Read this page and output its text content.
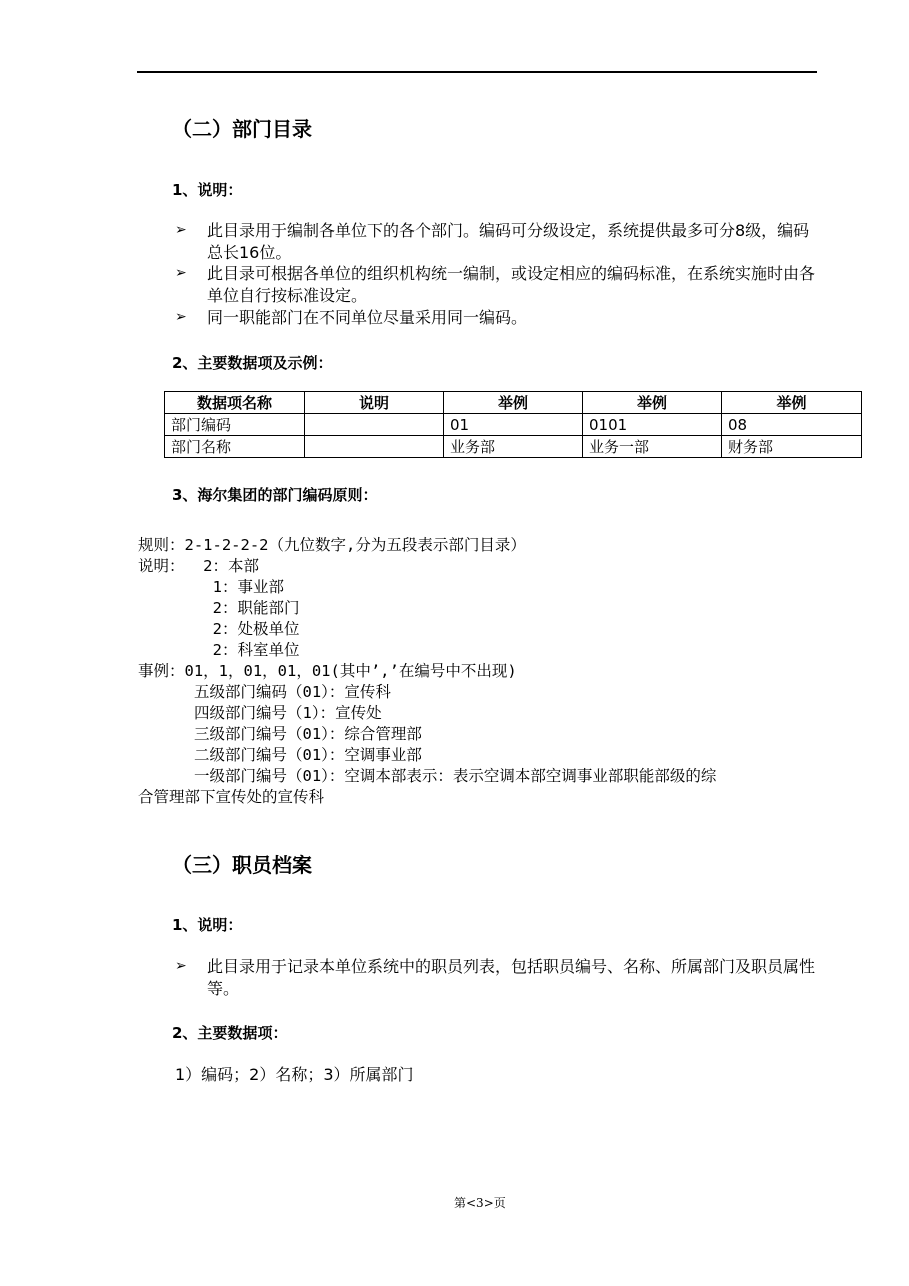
（二）部门目录
1、说明：
➢ 此目录用于编制各单位下的各个部门。编码可分级设定，系统提供最多可分8级，编码总长16位。
➢ 此目录可根据各单位的组织机构统一编制，或设定相应的编码标准，在系统实施时由各单位自行按标准设定。
➢ 同一职能部门在不同单位尽量采用同一编码。
2、主要数据项及示例：
数据项名称	说明	举例	举例	举例
部门编码		01	0101	08
部门名称		业务部	业务一部	财务部
3、海尔集团的部门编码原则：
规则：2-1-2-2-2（九位数字,分为五段表示部门目录）
说明：  2：本部
1：事业部
2：职能部门
2：处极单位
2：科室单位
事例：01，1，01，01，01(其中’,’在编号中不出现)
五级部门编码（01）：宣传科
四级部门编号（1）：宣传处
三级部门编号（01）：综合管理部
二级部门编号（01）：空调事业部
一级部门编号（01）：空调本部表示：表示空调本部空调事业部职能部级的综
合管理部下宣传处的宣传科
（三）职员档案
1、说明：
➢ 此目录用于记录本单位系统中的职员列表，包括职员编号、名称、所属部门及职员属性等。
2、主要数据项：
1）编码；2）名称；3）所属部门
第<3>页
